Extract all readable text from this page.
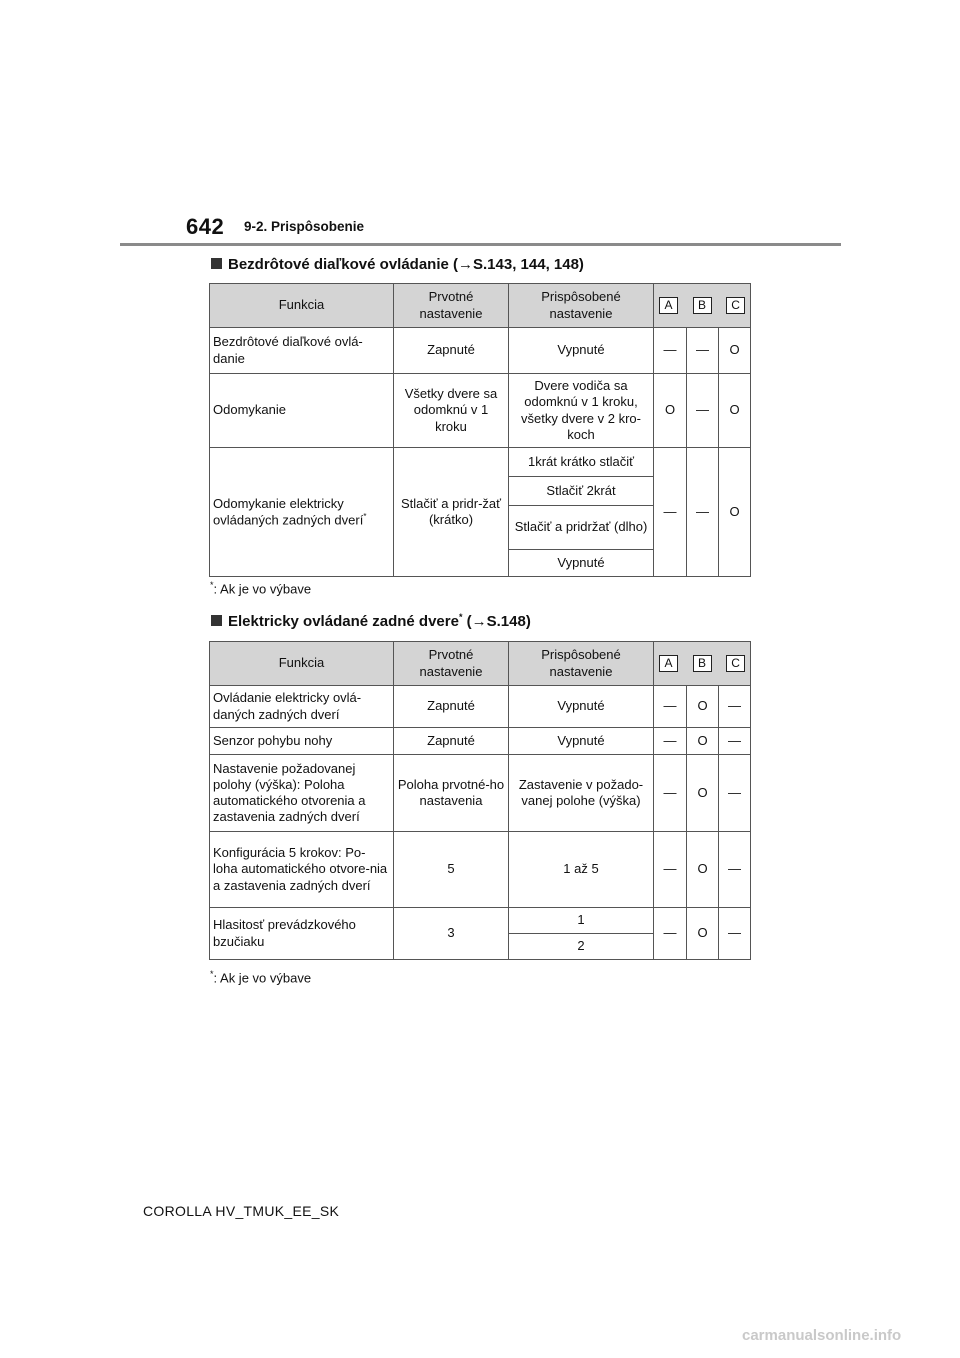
642 9-2. Prispôsobenie
Bezdrôtové diaľkové ovládanie (→S.143, 144, 148)
Funkcia	Prvotné nastavenie	Prispôsobené nastavenie	A B C		

Bezdrôtové diaľkové ovlá-danie	Zapnuté	Vypnuté	—	—	O
Odomykanie	Všetky dvere sa odomknú v 1 kroku	Dvere vodiča sa odomknú v 1 kroku, všetky dvere v 2 kro-koch	O	—	O
Odomykanie elektricky ovládaných zadných dverí*	Stlačiť a pridr-žať (krátko)	1krát krátko stlačiť	—	—	O
		Stlačiť 2krát			
		Stlačiť a pridržať (dlho)			
		Vypnuté			
*: Ak je vo výbave
Elektricky ovládané zadné dvere* (→S.148)
Funkcia	Prvotné nastavenie	Prispôsobené nastavenie	A B C		

Ovládanie elektricky ovlá-daných zadných dverí	Zapnuté	Vypnuté	—	O	—
Senzor pohybu nohy	Zapnuté	Vypnuté	—	O	—
Nastavenie požadovanej polohy (výška): Poloha automatického otvorenia a zastavenia zadných dverí	Poloha prvotné-ho nastavenia	Zastavenie v požado-vanej polohe (výška)	—	O	—
Konfigurácia 5 krokov: Po-loha automatického otvore-nia a zastavenia zadných dverí	5	1 až 5	—	O	—
Hlasitosť prevádzkového bzučiaku	3	1	—	O	—
		2			
*: Ak je vo výbave
COROLLA HV_TMUK_EE_SK
carmanualsonline.info
